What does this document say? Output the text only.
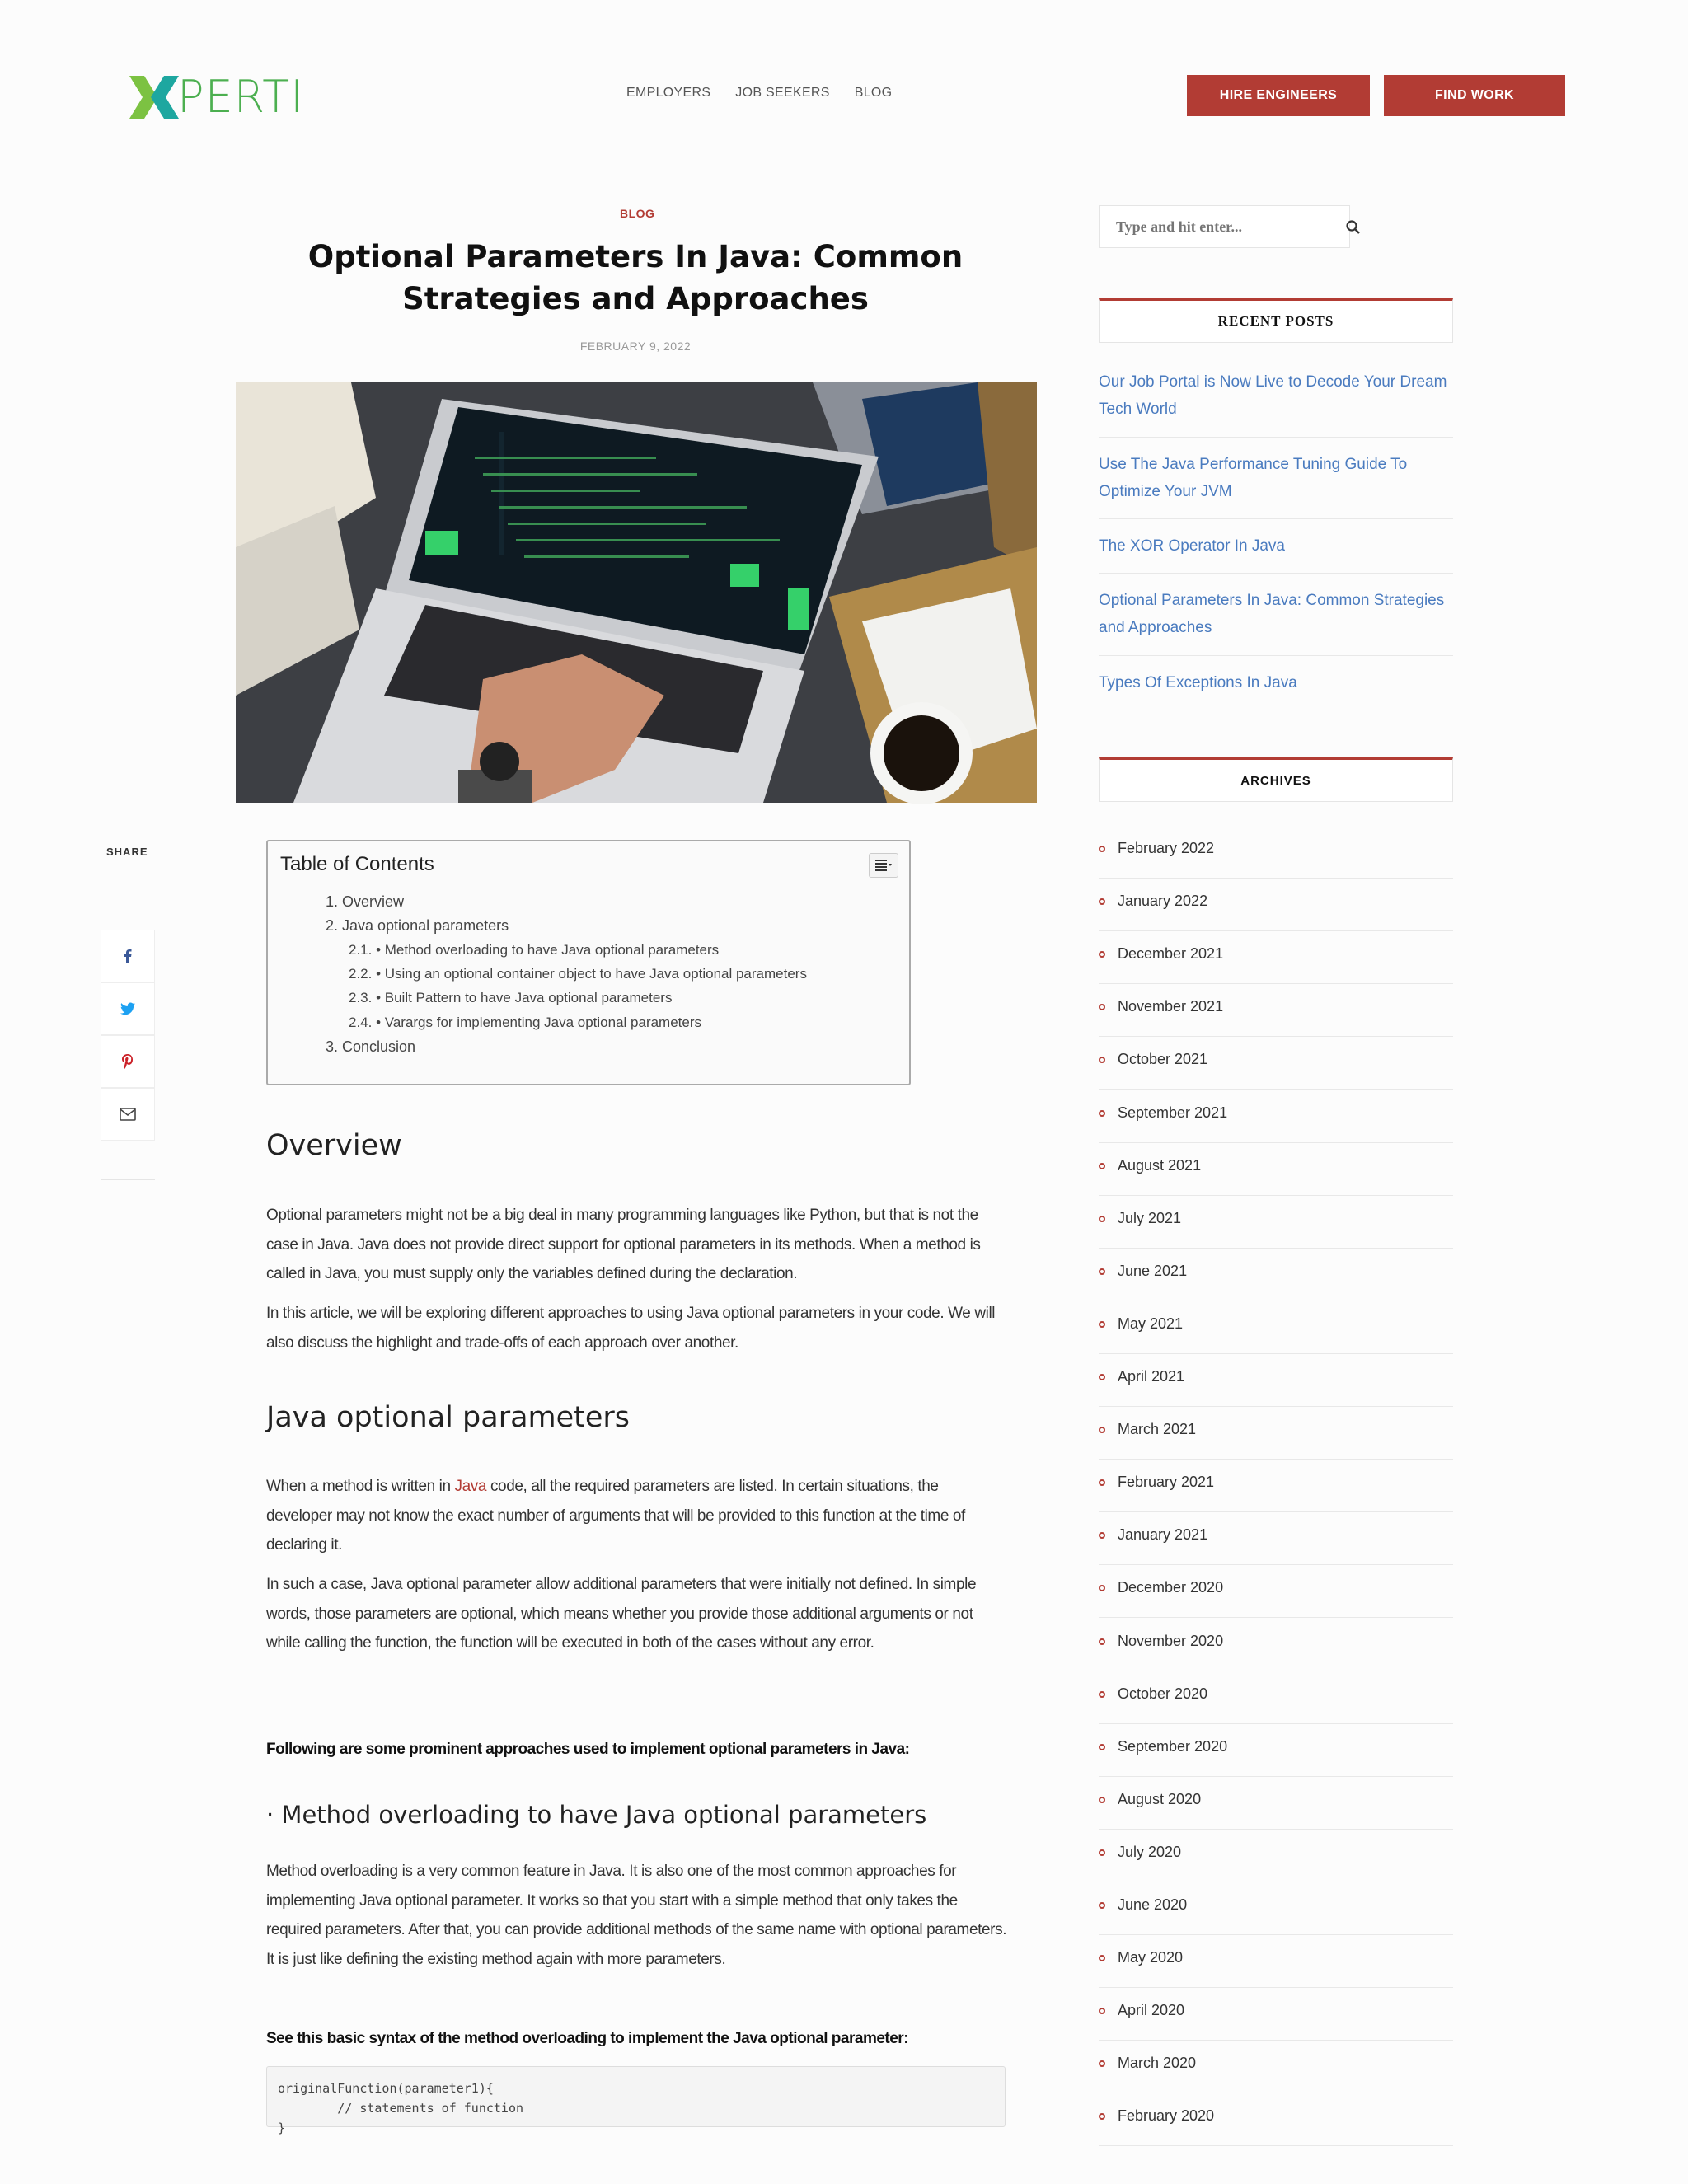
PERTI	EMPLOYERS JOB SEEKERS BLOG	HIRE ENGINEERS	FIND WORK
BLOG
Optional Parameters In Java: Common Strategies and Approaches
FEBRUARY 9, 2022
SHARE
Table of Contents
1. Overview
2. Java optional parameters
2.1. • Method overloading to have Java optional parameters
2.2. • Using an optional container object to have Java optional parameters
2.3. • Built Pattern to have Java optional parameters
2.4. • Varargs for implementing Java optional parameters
3. Conclusion
Overview

Optional parameters might not be a big deal in many programming languages like Python, but that is not the case in Java. Java does not provide direct support for optional parameters in its methods. When a method is called in Java, you must supply only the variables defined during the declaration.

In this article, we will be exploring different approaches to using Java optional parameters in your code. We will also discuss the highlight and trade-offs of each approach over another.

Java optional parameters

When a method is written in Java code, all the required parameters are listed. In certain situations, the developer may not know the exact number of arguments that will be provided to this function at the time of declaring it.

In such a case, Java optional parameter allow additional parameters that were initially not defined. In simple words, those parameters are optional, which means whether you provide those additional arguments or not while calling the function, the function will be executed in both of the cases without any error.

Following are some prominent approaches used to implement optional parameters in Java:
· Method overloading to have Java optional parameters

Method overloading is a very common feature in Java. It is also one of the most common approaches for implementing Java optional parameter. It works so that you start with a simple method that only takes the required parameters. After that, you can provide additional methods of the same name with optional parameters. It is just like defining the existing method again with more parameters.

See this basic syntax of the method overloading to implement the Java optional parameter:
originalFunction(parameter1){
// statements of function
}
Type and hit enter...
RECENT POSTS
Our Job Portal is Now Live to Decode Your Dream Tech World
Use The Java Performance Tuning Guide To Optimize Your JVM
The XOR Operator In Java
Optional Parameters In Java: Common Strategies and Approaches
Types Of Exceptions In Java
ARCHIVES
February 2022
January 2022
December 2021
November 2021
October 2021
September 2021
August 2021
July 2021
June 2021
May 2021
April 2021
March 2021
February 2021
January 2021
December 2020
November 2020
October 2020
September 2020
August 2020
July 2020
June 2020
May 2020
April 2020
March 2020
February 2020
